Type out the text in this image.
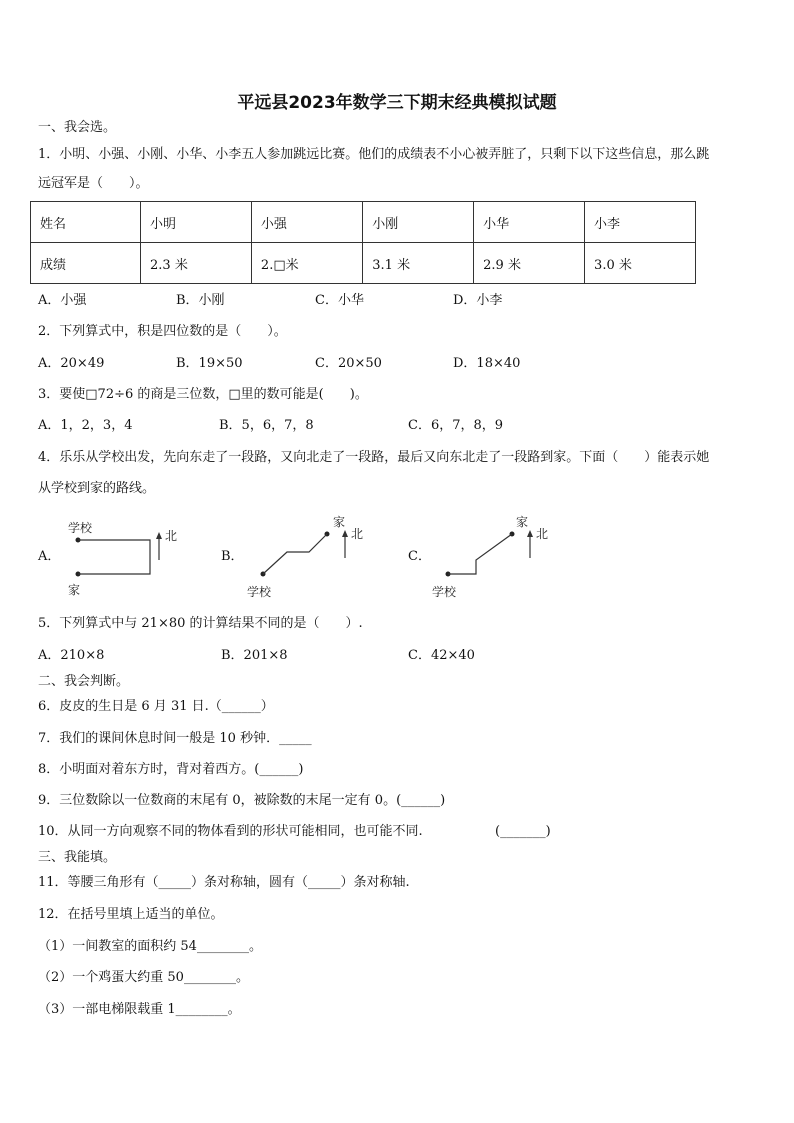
平远县2023年数学三下期末经典模拟试题
一、我会选。
1．小明、小强、小刚、小华、小李五人参加跳远比赛。他们的成绩表不小心被弄脏了，只剩下以下这些信息，那么跳
远冠军是（　　）。
姓名	小明	小强	小刚	小华	小李
成绩	2.3 米	2.□米	3.1 米	2.9 米	3.0 米
A．小强	B．小刚	C．小华	D．小李
2．下列算式中，积是四位数的是（　　）。
A．20×49	B．19×50	C．20×50	D．18×40
3．要使□72÷6 的商是三位数，□里的数可能是(　　)。
A．1，2，3，4	B．5，6，7，8	C．6，7，8，9
4．乐乐从学校出发，先向东走了一段路，又向北走了一段路，最后又向东北走了一段路到家。下面（　　）能表示她
从学校到家的路线。
A．	B．	C．
学校
家
北
家
学校
北
家
学校
北
5．下列算式中与 21×80 的计算结果不同的是（　　）.
A．210×8	B．201×8	C．42×40
二、我会判断。
6．皮皮的生日是 6 月 31 日.（______）
7．我们的课间休息时间一般是 10 秒钟．_____
8．小明面对着东方时，背对着西方。(______)
9．三位数除以一位数商的末尾有 0，被除数的末尾一定有 0。(______)
10．从同一方向观察不同的物体看到的形状可能相同，也可能不同.	(_______)
三、我能填。
11．等腰三角形有（_____）条对称轴，圆有（_____）条对称轴.
12．在括号里填上适当的单位。
（1）一间教室的面积约 54________。
（2）一个鸡蛋大约重 50________。
（3）一部电梯限载重 1________。
